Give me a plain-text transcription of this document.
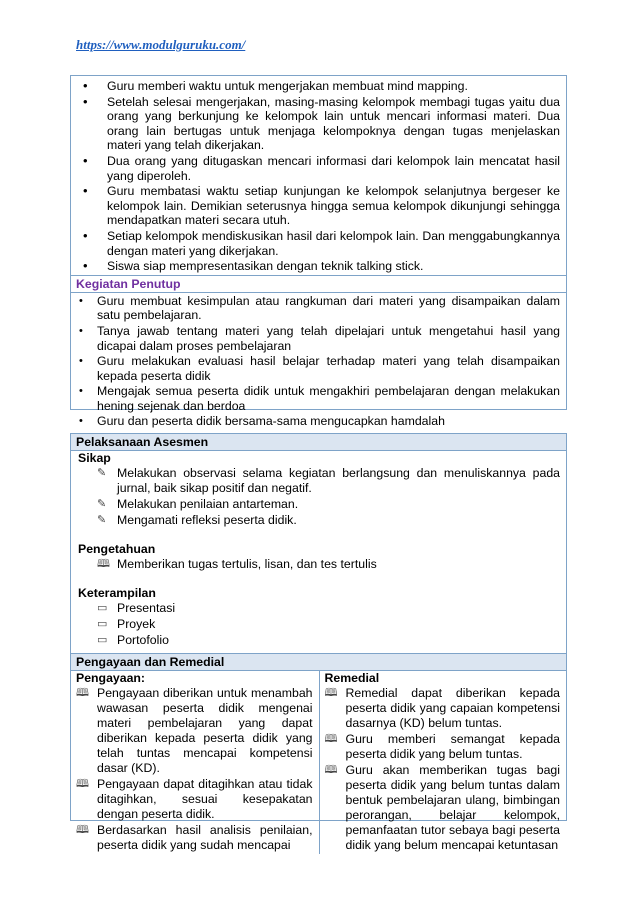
https://www.modulguruku.com/
• Guru memberi waktu untuk mengerjakan membuat mind mapping.
• Setelah selesai mengerjakan, masing-masing kelompok membagi tugas yaitu dua orang yang berkunjung ke kelompok lain untuk mencari informasi materi. Dua orang lain bertugas untuk menjaga kelompoknya dengan tugas menjelaskan materi yang telah dikerjakan.
• Dua orang yang ditugaskan mencari informasi dari kelompok lain mencatat hasil yang diperoleh.
• Guru membatasi waktu setiap kunjungan ke kelompok selanjutnya bergeser ke kelompok lain. Demikian seterusnya hingga semua kelompok dikunjungi sehingga mendapatkan materi secara utuh.
• Setiap kelompok mendiskusikan hasil dari kelompok lain. Dan menggabungkannya dengan materi yang dikerjakan.
• Siswa siap mempresentasikan dengan teknik talking stick.
Kegiatan Penutup
• Guru membuat kesimpulan atau rangkuman dari materi yang disampaikan dalam satu pembelajaran.
• Tanya jawab tentang materi yang telah dipelajari untuk mengetahui hasil yang dicapai dalam proses pembelajaran
• Guru melakukan evaluasi hasil belajar terhadap materi yang telah disampaikan kepada peserta didik
• Mengajak semua peserta didik untuk mengakhiri pembelajaran dengan melakukan hening sejenak dan berdoa
• Guru dan peserta didik bersama-sama mengucapkan hamdalah
Pelaksanaan Asesmen
Sikap
✎ Melakukan observasi selama kegiatan berlangsung dan menuliskannya pada jurnal, baik sikap positif dan negatif.
✎ Melakukan penilaian antarteman.
✎ Mengamati refleksi peserta didik.
Pengetahuan
🕮 Memberikan tugas tertulis, lisan, dan tes tertulis
Keterampilan
▭ Presentasi
▭ Proyek
▭ Portofolio
Pengayaan dan Remedial
Pengayaan:
🕮 Pengayaan diberikan untuk menambah wawasan peserta didik mengenai materi pembelajaran yang dapat diberikan kepada peserta didik yang telah tuntas mencapai kompetensi dasar (KD).
🕮 Pengayaan dapat ditagihkan atau tidak ditagihkan, sesuai kesepakatan dengan peserta didik.
🕮 Berdasarkan hasil analisis penilaian, peserta didik yang sudah mencapai
Remedial
🕮 Remedial dapat diberikan kepada peserta didik yang capaian kompetensi dasarnya (KD) belum tuntas.
🕮 Guru memberi semangat kepada peserta didik yang belum tuntas.
🕮 Guru akan memberikan tugas bagi peserta didik yang belum tuntas dalam bentuk pembelajaran ulang, bimbingan perorangan, belajar kelompok, pemanfaatan tutor sebaya bagi peserta didik yang belum mencapai ketuntasan
